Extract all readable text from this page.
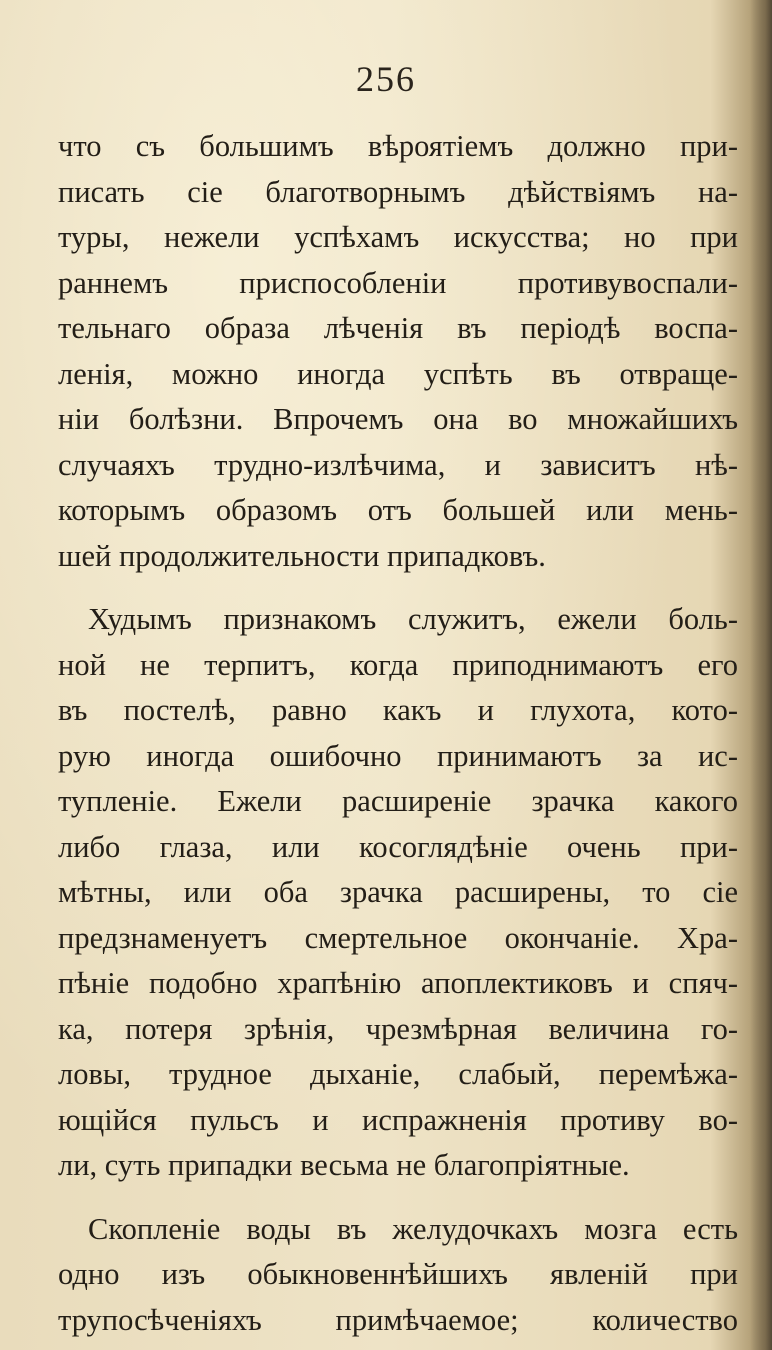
256
что съ большимъ вѣроятіемъ должно при-
писать сіе благотворнымъ дѣйствіямъ на-
туры, нежели успѣхамъ искусства; но при
раннемъ приспособленіи противувоспали-
тельнаго образа лѣченія въ періодѣ воспа-
ленія, можно иногда успѣть въ отвраще-
ніи болѣзни. Впрочемъ она во множайшихъ
случаяхъ трудно-излѣчима, и зависитъ нѣ-
которымъ образомъ отъ большей или мень-
шей продолжительности припадковъ.
Худымъ признакомъ служитъ, ежели боль-
ной не терпитъ, когда приподнимаютъ его
въ постелѣ, равно какъ и глухота, кото-
рую иногда ошибочно принимаютъ за ис-
тупленіе. Ежели расширеніе зрачка какого
либо глаза, или косоглядѣніе очень при-
мѣтны, или оба зрачка расширены, то сіе
предзнаменуетъ смертельное окончаніе. Хра-
пѣніе подобно храпѣнію апоплектиковъ и спяч-
ка, потеря зрѣнія, чрезмѣрная величина го-
ловы, трудное дыханіе, слабый, перемѣжа-
ющійся пульсъ и испражненія противу во-
ли, суть припадки весьма не благопріятные.
Скопленіе воды въ желудочкахъ мозга есть
одно изъ обыкновеннѣйшихъ явленій при
трупосѣченіяхъ примѣчаемое; количество
